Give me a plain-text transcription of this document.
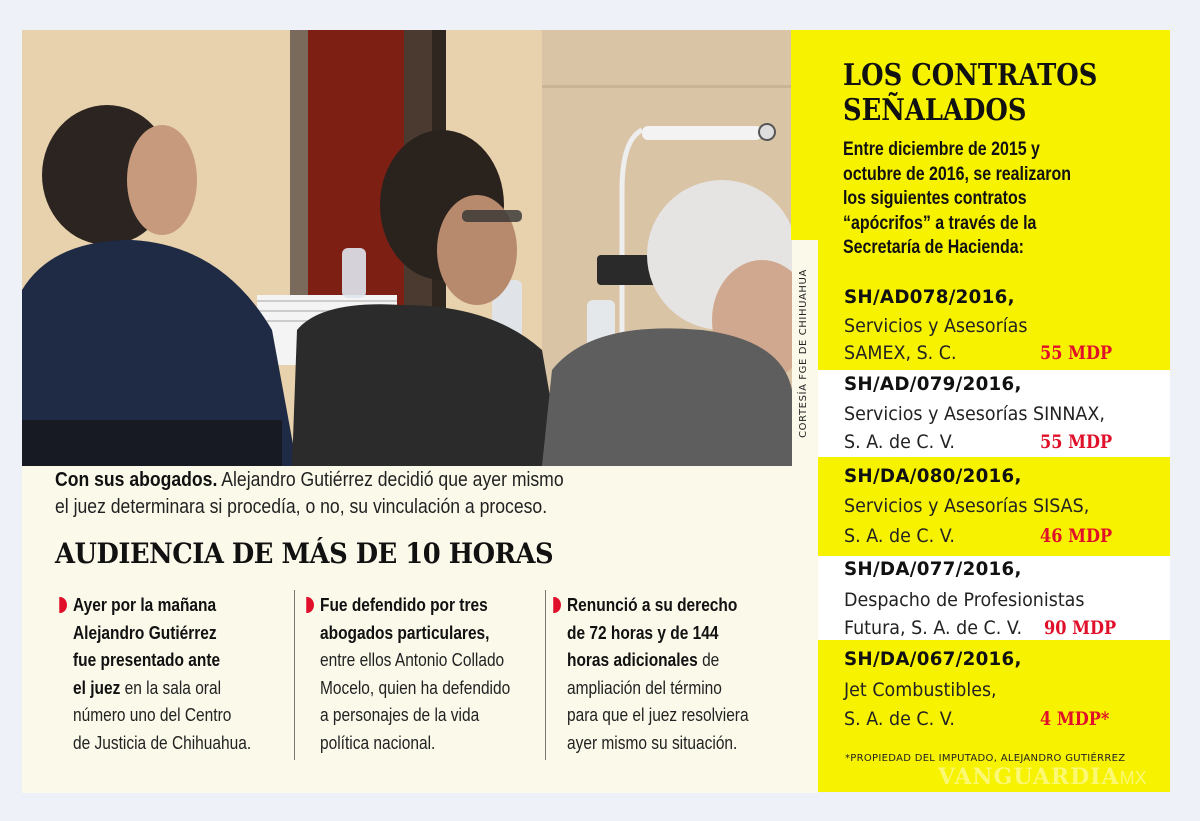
CORTESÍA FGE DE CHIHUAHUA
Con sus abogados. Alejandro Gutiérrez decidió que ayer mismo
el juez determinara si procedía, o no, su vinculación a proceso.
AUDIENCIA DE MÁS DE 10 HORAS
Ayer por la mañana
Alejandro Gutiérrez
fue presentado ante
el juez en la sala oral
número uno del Centro
de Justicia de Chihuahua.
Fue defendido por tres
abogados particulares,
entre ellos Antonio Collado
Mocelo, quien ha defendido
a personajes de la vida
política nacional.
Renunció a su derecho
de 72 horas y de 144
horas adicionales de
ampliación del término
para que el juez resolviera
ayer mismo su situación.
LOS CONTRATOS
SEÑALADOS
Entre diciembre de 2015 y
octubre de 2016, se realizaron
los siguientes contratos
“apócrifos” a través de la
Secretaría de Hacienda:
SH/AD078/2016,
Servicios y Asesorías
SAMEX, S. C.	55 MDP
SH/AD/079/2016,
Servicios y Asesorías SINNAX,
S. A. de C. V.	55 MDP
SH/DA/080/2016,
Servicios y Asesorías SISAS,
S. A. de C. V.	46 MDP
SH/DA/077/2016,
Despacho de Profesionistas
Futura, S. A. de C. V. 90 MDP
SH/DA/067/2016,
Jet Combustibles,
S. A. de C. V.	4 MDP*
*PROPIEDAD DEL IMPUTADO, ALEJANDRO GUTIÉRREZ
VANGUARDIAMX
